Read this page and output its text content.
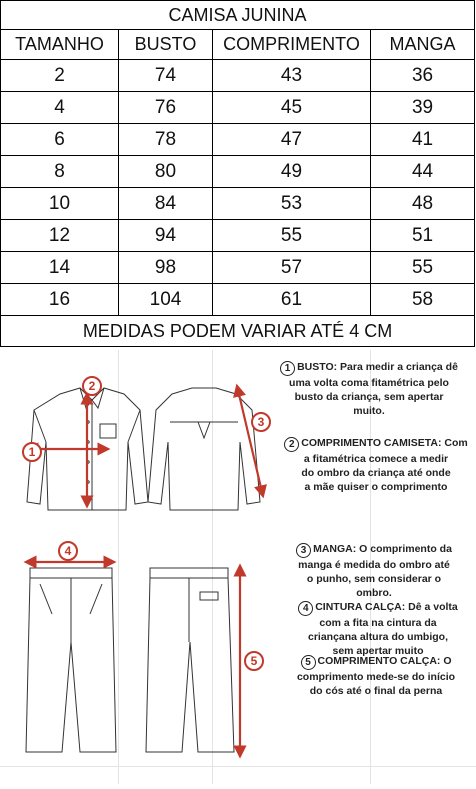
CAMISA JUNINA			
TAMANHO	BUSTO	COMPRIMENTO	MANGA
2	74	43	36
4	76	45	39
6	78	47	41
8	80	49	44
10	84	53	48
12	94	55	51
14	98	57	55
16	104	61	58
MEDIDAS PODEM VARIAR ATÉ 4 CM			
2
1
3
4
5
1 BUSTO: Para medir a criança dê
uma volta coma fitamétrica pelo
busto da criança, sem apertar
muito.
2 COMPRIMENTO CAMISETA: Com
a fitamétrica comece a medir
do ombro da criança até onde
a mãe quiser o comprimento
3 MANGA: O comprimento da
manga é medida do ombro até
o punho, sem considerar o
ombro.
4 CINTURA CALÇA: Dê a volta
com a fita na cintura da
criançana altura do umbigo,
sem apertar muito
5 COMPRIMENTO CALÇA: O
comprimento mede-se do início
do cós até o final da perna
